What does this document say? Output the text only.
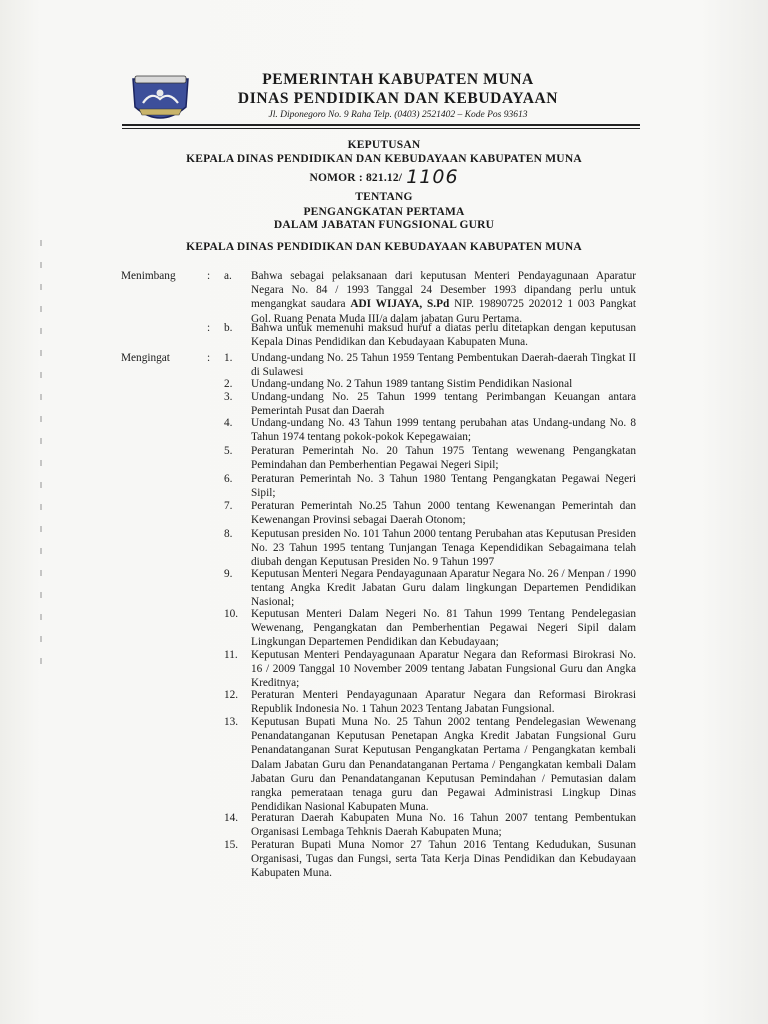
PEMERINTAH KABUPATEN MUNA
DINAS PENDIDIKAN DAN KEBUDAYAAN
Jl. Diponegoro No. 9 Raha Telp. (0403) 2521402 – Kode Pos 93613
KEPUTUSAN
KEPALA DINAS PENDIDIKAN DAN KEBUDAYAAN KABUPATEN MUNA
NOMOR : 821.12/ 1106
TENTANG
PENGANGKATAN PERTAMA
DALAM JABATAN FUNGSIONAL GURU
KEPALA DINAS PENDIDIKAN DAN KEBUDAYAAN KABUPATEN MUNA
Menimbang	: a.	Bahwa sebagai pelaksanaan dari keputusan Menteri Pendayagunaan Aparatur Negara No. 84 / 1993 Tanggal 24 Desember 1993 dipandang perlu untuk mengangkat saudara ADI WIJAYA, S.Pd NIP. 19890725 202012 1 003 Pangkat Gol. Ruang Penata Muda III/a dalam jabatan Guru Pertama.
: b.	Bahwa untuk memenuhi maksud huruf a diatas perlu ditetapkan dengan keputusan Kepala Dinas Pendidikan dan Kebudayaan Kabupaten Muna.
Mengingat	: 1.	Undang-undang No. 25 Tahun 1959 Tentang Pembentukan Daerah-daerah Tingkat II di Sulawesi
2.	Undang-undang No. 2 Tahun 1989 tantang Sistim Pendidikan Nasional
3.	Undang-undang No. 25 Tahun 1999 tentang Perimbangan Keuangan antara Pemerintah Pusat dan Daerah
4.	Undang-undang No. 43 Tahun 1999 tentang perubahan atas Undang-undang No. 8 Tahun 1974 tentang pokok-pokok Kepegawaian;
5.	Peraturan Pemerintah No. 20 Tahun 1975 Tentang wewenang Pengangkatan Pemindahan dan Pemberhentian Pegawai Negeri Sipil;
6.	Peraturan Pemerintah No. 3 Tahun 1980 Tentang Pengangkatan Pegawai Negeri Sipil;
7.	Peraturan Pemerintah No.25 Tahun 2000 tentang Kewenangan Pemerintah dan Kewenangan Provinsi sebagai Daerah Otonom;
8.	Keputusan presiden No. 101 Tahun 2000 tentang Perubahan atas Keputusan Presiden No. 23 Tahun 1995 tentang Tunjangan Tenaga Kependidikan Sebagaimana telah diubah dengan Keputusan Presiden No. 9 Tahun 1997
9.	Keputusan Menteri Negara Pendayagunaan Aparatur Negara No. 26 / Menpan / 1990 tentang Angka Kredit Jabatan Guru dalam lingkungan Departemen Pendidikan Nasional;
10.	Keputusan Menteri Dalam Negeri No. 81 Tahun 1999 Tentang Pendelegasian Wewenang, Pengangkatan dan Pemberhentian Pegawai Negeri Sipil dalam Lingkungan Departemen Pendidikan dan Kebudayaan;
11.	Keputusan Menteri Pendayagunaan Aparatur Negara dan Reformasi Birokrasi No. 16 / 2009 Tanggal 10 November 2009 tentang Jabatan Fungsional Guru dan Angka Kreditnya;
12.	Peraturan Menteri Pendayagunaan Aparatur Negara dan Reformasi Birokrasi Republik Indonesia No. 1 Tahun 2023 Tentang Jabatan Fungsional.
13.	Keputusan Bupati Muna No. 25 Tahun 2002 tentang Pendelegasian Wewenang Penandatanganan Keputusan Penetapan Angka Kredit Jabatan Fungsional Guru Penandatanganan Surat Keputusan Pengangkatan Pertama / Pengangkatan kembali Dalam Jabatan Guru dan Penandatanganan Pertama / Pengangkatan kembali Dalam Jabatan Guru dan Penandatanganan Keputusan Pemindahan / Pemutasian dalam rangka pemerataan tenaga guru dan Pegawai Administrasi Lingkup Dinas Pendidikan Nasional Kabupaten Muna.
14.	Peraturan Daerah Kabupaten Muna No. 16 Tahun 2007 tentang Pembentukan Organisasi Lembaga Tehknis Daerah Kabupaten Muna;
15.	Peraturan Bupati Muna Nomor 27 Tahun 2016 Tentang Kedudukan, Susunan Organisasi, Tugas dan Fungsi, serta Tata Kerja Dinas Pendidikan dan Kebudayaan Kabupaten Muna.
